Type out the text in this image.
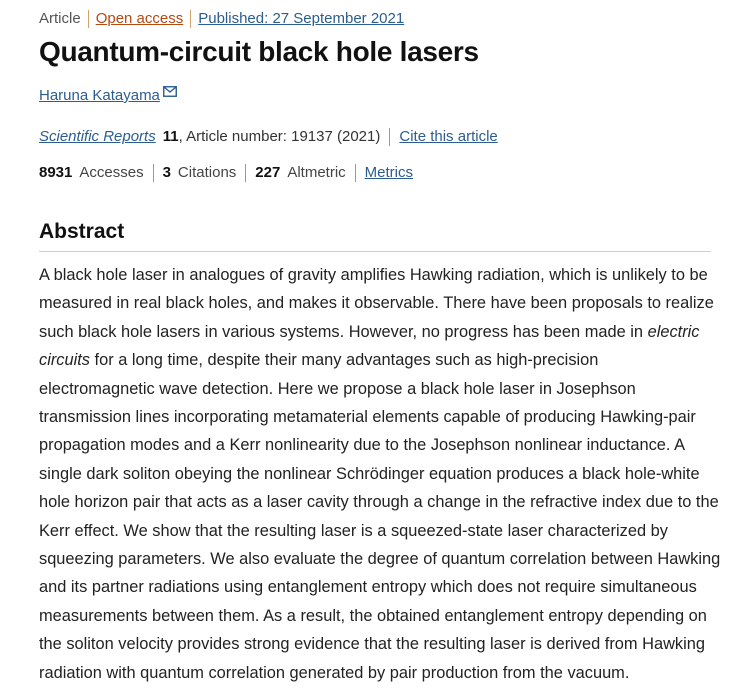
Article Open access Published: 27 September 2021
Quantum-circuit black hole lasers
Haruna Katayama
Scientific Reports 11 , Article number: 19137 (2021) Cite this article
8931 Accesses 3 Citations 227 Altmetric Metrics
Abstract
A black hole laser in analogues of gravity amplifies Hawking radiation, which is unlikely to be
measured in real black holes, and makes it observable. There have been proposals to realize
such black hole lasers in various systems. However, no progress has been made in electric
circuits for a long time, despite their many advantages such as high-precision
electromagnetic wave detection. Here we propose a black hole laser in Josephson
transmission lines incorporating metamaterial elements capable of producing Hawking-pair
propagation modes and a Kerr nonlinearity due to the Josephson nonlinear inductance. A
single dark soliton obeying the nonlinear Schrödinger equation produces a black hole-white
hole horizon pair that acts as a laser cavity through a change in the refractive index due to the
Kerr effect. We show that the resulting laser is a squeezed-state laser characterized by
squeezing parameters. We also evaluate the degree of quantum correlation between Hawking
and its partner radiations using entanglement entropy which does not require simultaneous
measurements between them. As a result, the obtained entanglement entropy depending on
the soliton velocity provides strong evidence that the resulting laser is derived from Hawking
radiation with quantum correlation generated by pair production from the vacuum.
